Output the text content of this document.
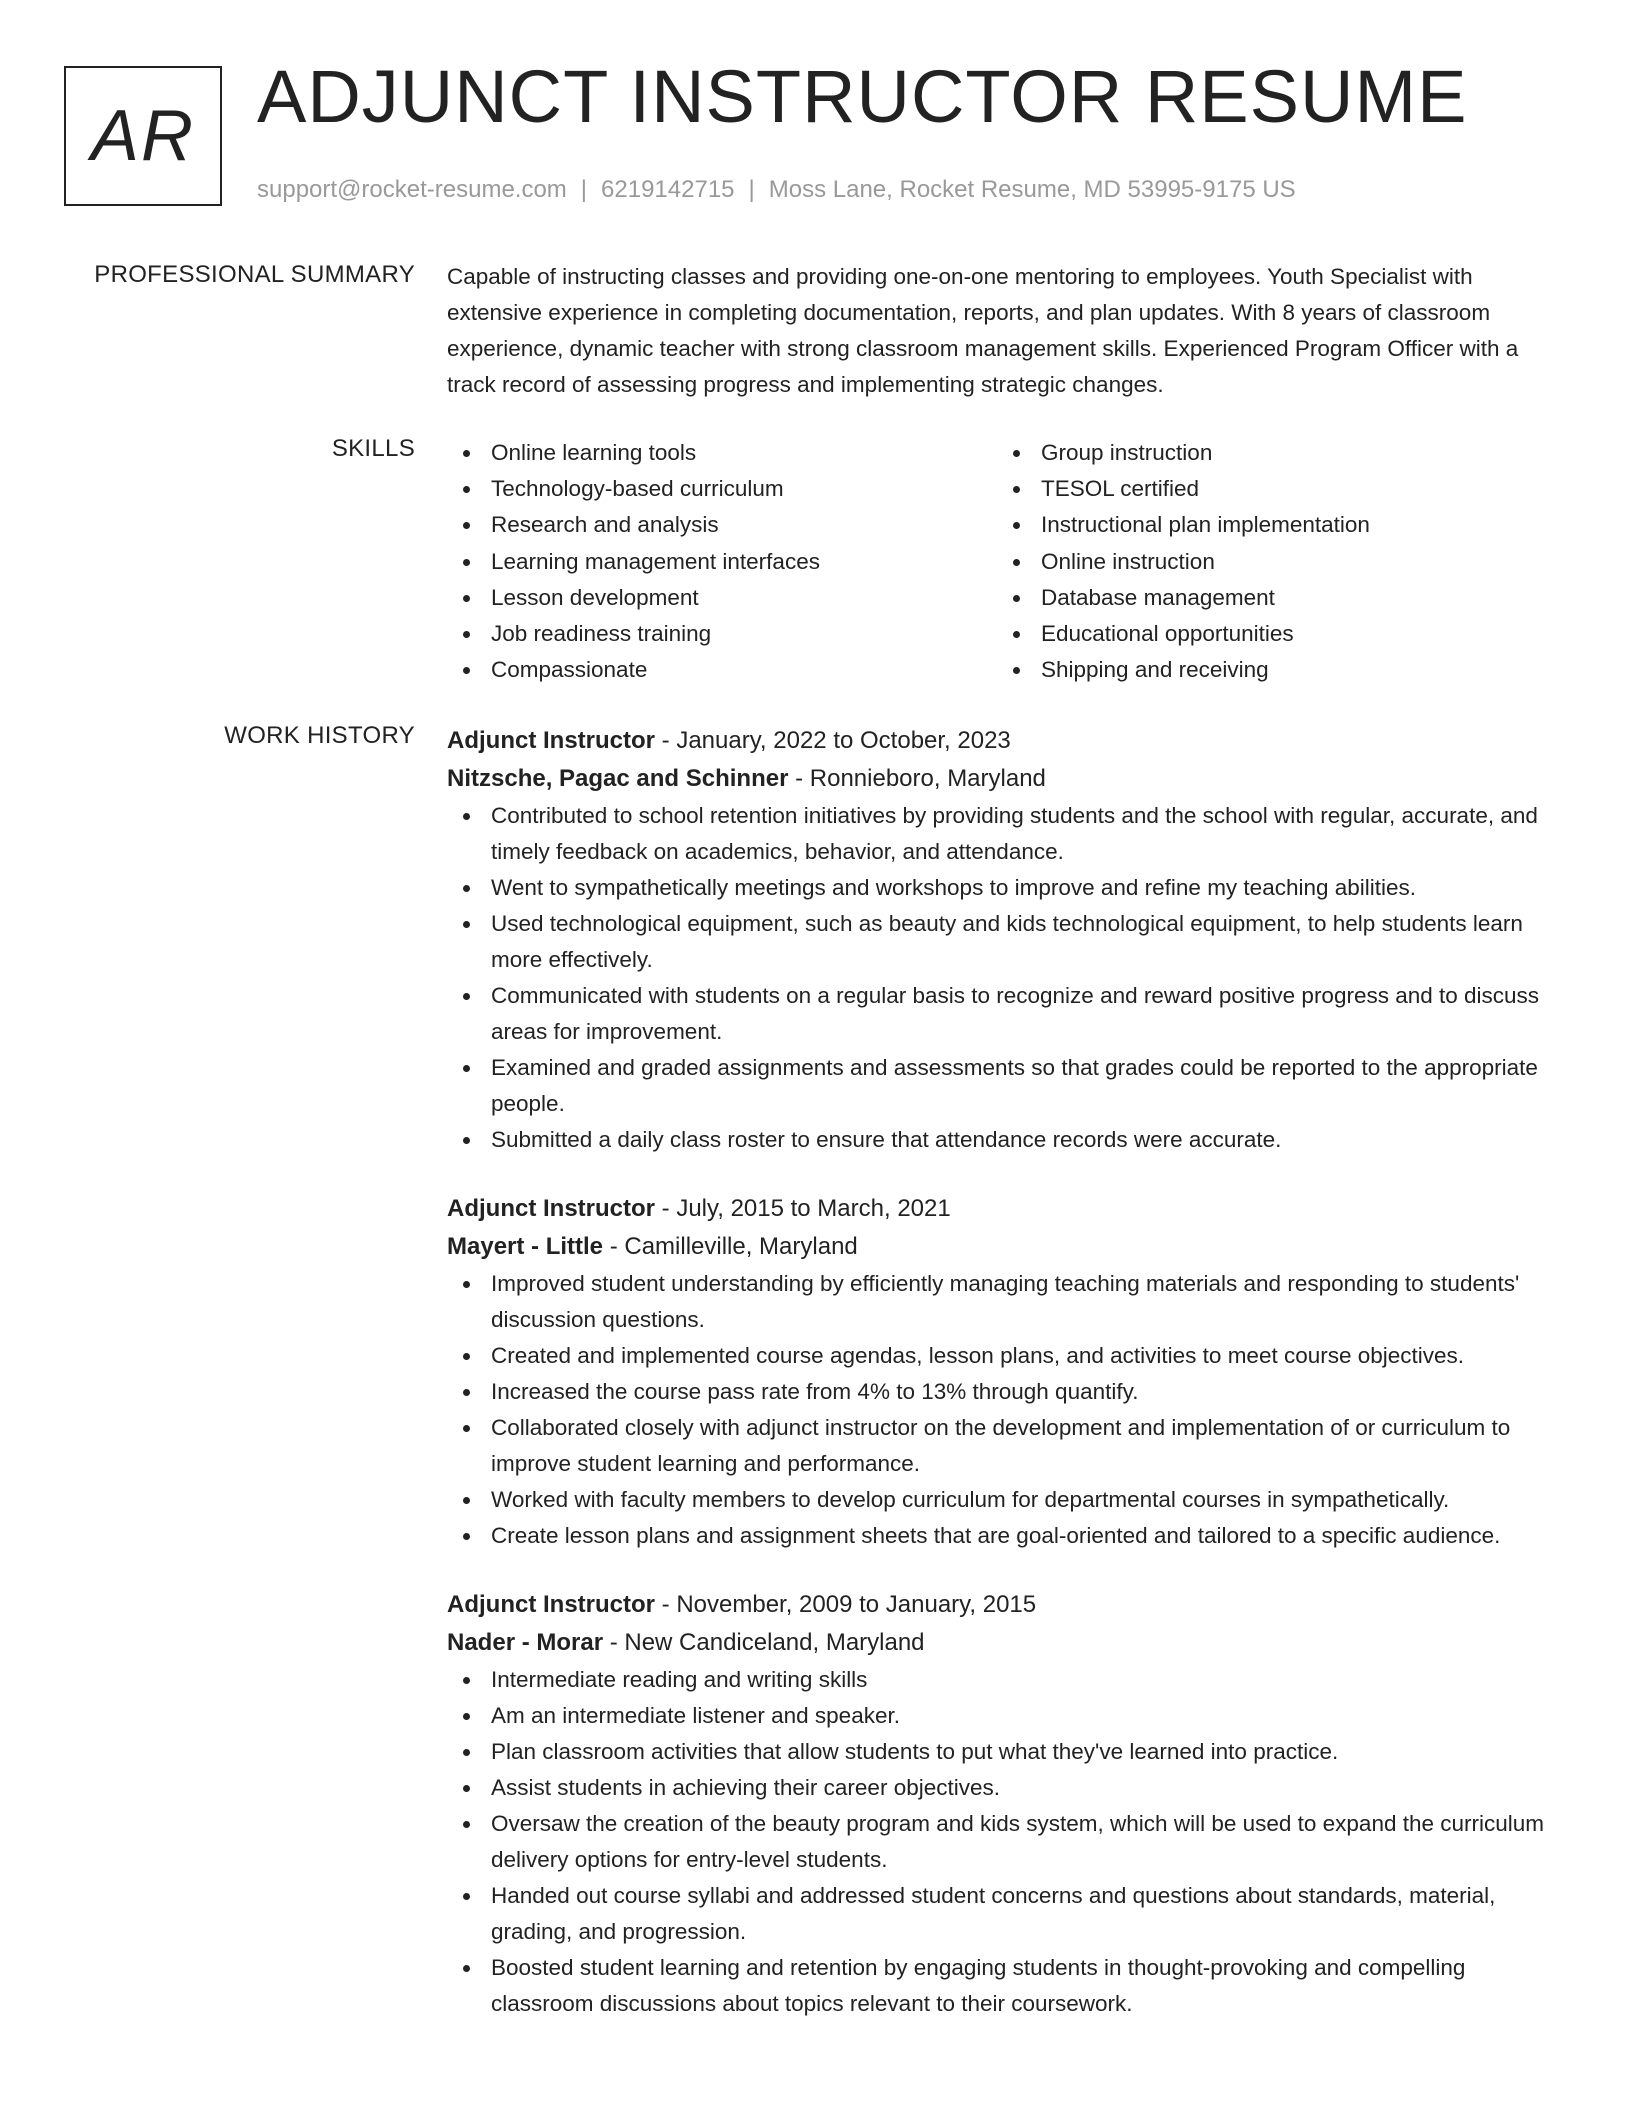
AR ADJUNCT INSTRUCTOR RESUME
support@rocket-resume.com | 6219142715 | Moss Lane, Rocket Resume, MD 53995-9175 US
PROFESSIONAL SUMMARY Capable of instructing classes and providing one-on-one mentoring to employees. Youth Specialist with extensive experience in completing documentation, reports, and plan updates. With 8 years of classroom experience, dynamic teacher with strong classroom management skills. Experienced Program Officer with a track record of assessing progress and implementing strategic changes.

SKILLS	Online learning tools
Technology-based curriculum
Research and analysis
Learning management interfaces
Lesson development
Job readiness training
Compassionate
Group instruction
TESOL certified
Instructional plan implementation
Online instruction
Database management
Educational opportunities
Shipping and receiving
WORK HISTORY Adjunct Instructor - January, 2022 to October, 2023
Nitzsche, Pagac and Schinner - Ronnieboro, Maryland
Contributed to school retention initiatives by providing students and the school with regular, accurate, and timely feedback on academics, behavior, and attendance.
Went to sympathetically meetings and workshops to improve and refine my teaching abilities.
Used technological equipment, such as beauty and kids technological equipment, to help students learn more effectively.
Communicated with students on a regular basis to recognize and reward positive progress and to discuss areas for improvement.
Examined and graded assignments and assessments so that grades could be reported to the appropriate people.
Submitted a daily class roster to ensure that attendance records were accurate.
Adjunct Instructor - July, 2015 to March, 2021
Mayert - Little - Camilleville, Maryland
Improved student understanding by efficiently managing teaching materials and responding to students' discussion questions.
Created and implemented course agendas, lesson plans, and activities to meet course objectives.
Increased the course pass rate from 4% to 13% through quantify.
Collaborated closely with adjunct instructor on the development and implementation of or curriculum to improve student learning and performance.
Worked with faculty members to develop curriculum for departmental courses in sympathetically.
Create lesson plans and assignment sheets that are goal-oriented and tailored to a specific audience.
Adjunct Instructor - November, 2009 to January, 2015
Nader - Morar - New Candiceland, Maryland
Intermediate reading and writing skills
Am an intermediate listener and speaker.
Plan classroom activities that allow students to put what they've learned into practice.
Assist students in achieving their career objectives.
Oversaw the creation of the beauty program and kids system, which will be used to expand the curriculum delivery options for entry-level students.
Handed out course syllabi and addressed student concerns and questions about standards, material, grading, and progression.
Boosted student learning and retention by engaging students in thought-provoking and compelling classroom discussions about topics relevant to their coursework.
